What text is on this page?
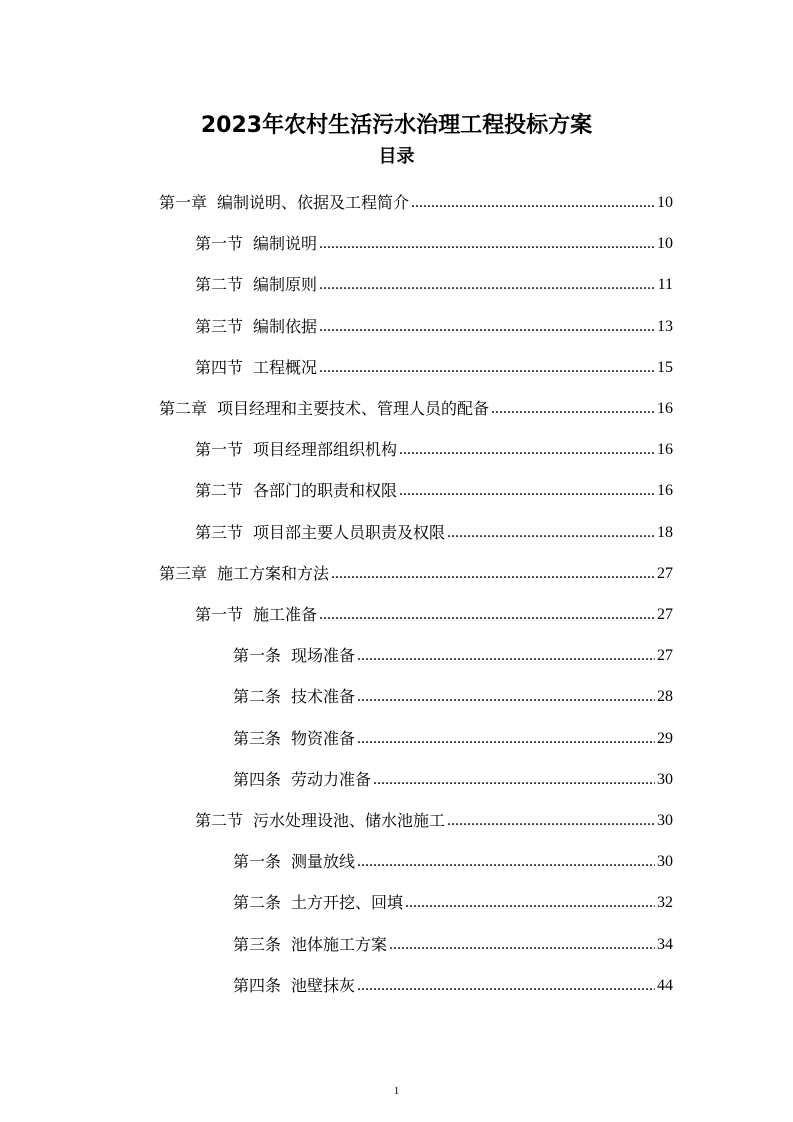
2023年农村生活污水治理工程投标方案
目录
第一章 编制说明、依据及工程简介 .....	10
第一节 编制说明 .....	10
第二节 编制原则 .....	11
第三节 编制依据 .....	13
第四节 工程概况 .....	15
第二章 项目经理和主要技术、管理人员的配备 .....	16
第一节 项目经理部组织机构 .....	16
第二节 各部门的职责和权限 .....	16
第三节 项目部主要人员职责及权限 .....	18
第三章 施工方案和方法 .....	27
第一节 施工准备 .....	27
第一条 现场准备 .....	27
第二条 技术准备 .....	28
第三条 物资准备 .....	29
第四条 劳动力准备 .....	30
第二节 污水处理设池、储水池施工 .....	30
第一条 测量放线 .....	30
第二条 土方开挖、回填 .....	32
第三条 池体施工方案 .....	34
第四条 池壁抹灰 .....	44
1
